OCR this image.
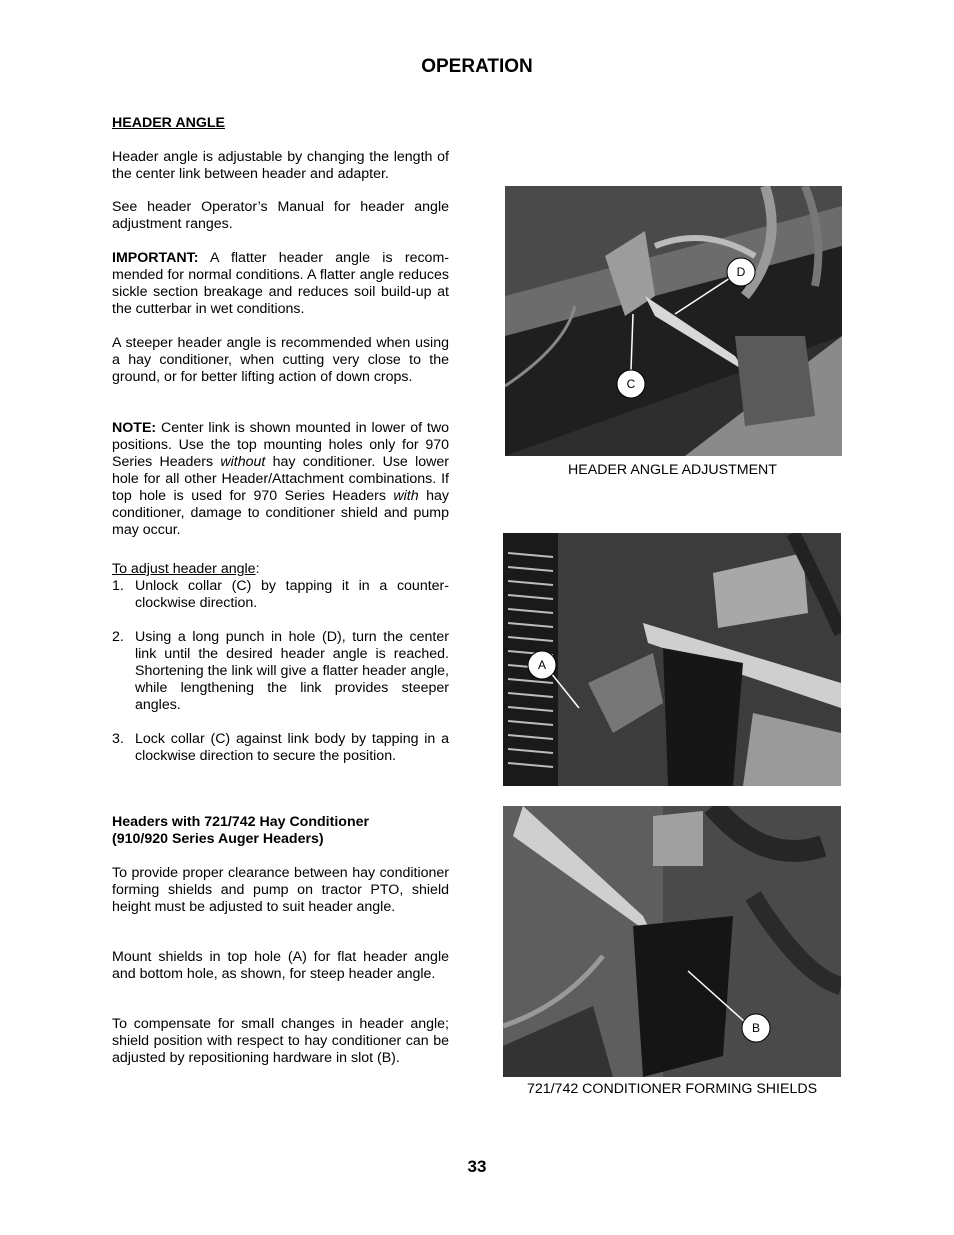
OPERATION
HEADER ANGLE

Header angle is adjustable by changing the length of the center link between header and adapter.

See header Operator’s Manual for header angle adjustment ranges.

IMPORTANT: A flatter header angle is recom-mended for normal conditions. A flatter angle reduces sickle section breakage and reduces soil build-up at the cutterbar in wet conditions.

A steeper header angle is recommended when using a hay conditioner, when cutting very close to the ground, or for better lifting action of down crops.

NOTE: Center link is shown mounted in lower of two positions. Use the top mounting holes only for 970 Series Headers without hay conditioner. Use lower hole for all other Header/Attachment combinations. If top hole is used for 970 Series Headers with hay conditioner, damage to conditioner shield and pump may occur.

To adjust header angle:
1. Unlock collar (C) by tapping it in a counter-clockwise direction.
2. Using a long punch in hole (D), turn the center link until the desired header angle is reached. Shortening the link will give a flatter header angle, while lengthening the link provides steeper angles.
3. Lock collar (C) against link body by tapping in a clockwise direction to secure the position.
Headers with 721/742 Hay Conditioner
(910/920 Series Auger Headers)

To provide proper clearance between hay conditioner forming shields and pump on tractor PTO, shield height must be adjusted to suit header angle.

Mount shields in top hole (A) for flat header angle and bottom hole, as shown, for steep header angle.

To compensate for small changes in header angle; shield position with respect to hay conditioner can be adjusted by repositioning hardware in slot (B).

D
C
HEADER ANGLE ADJUSTMENT
A
B
721/742 CONDITIONER FORMING SHIELDS
33
